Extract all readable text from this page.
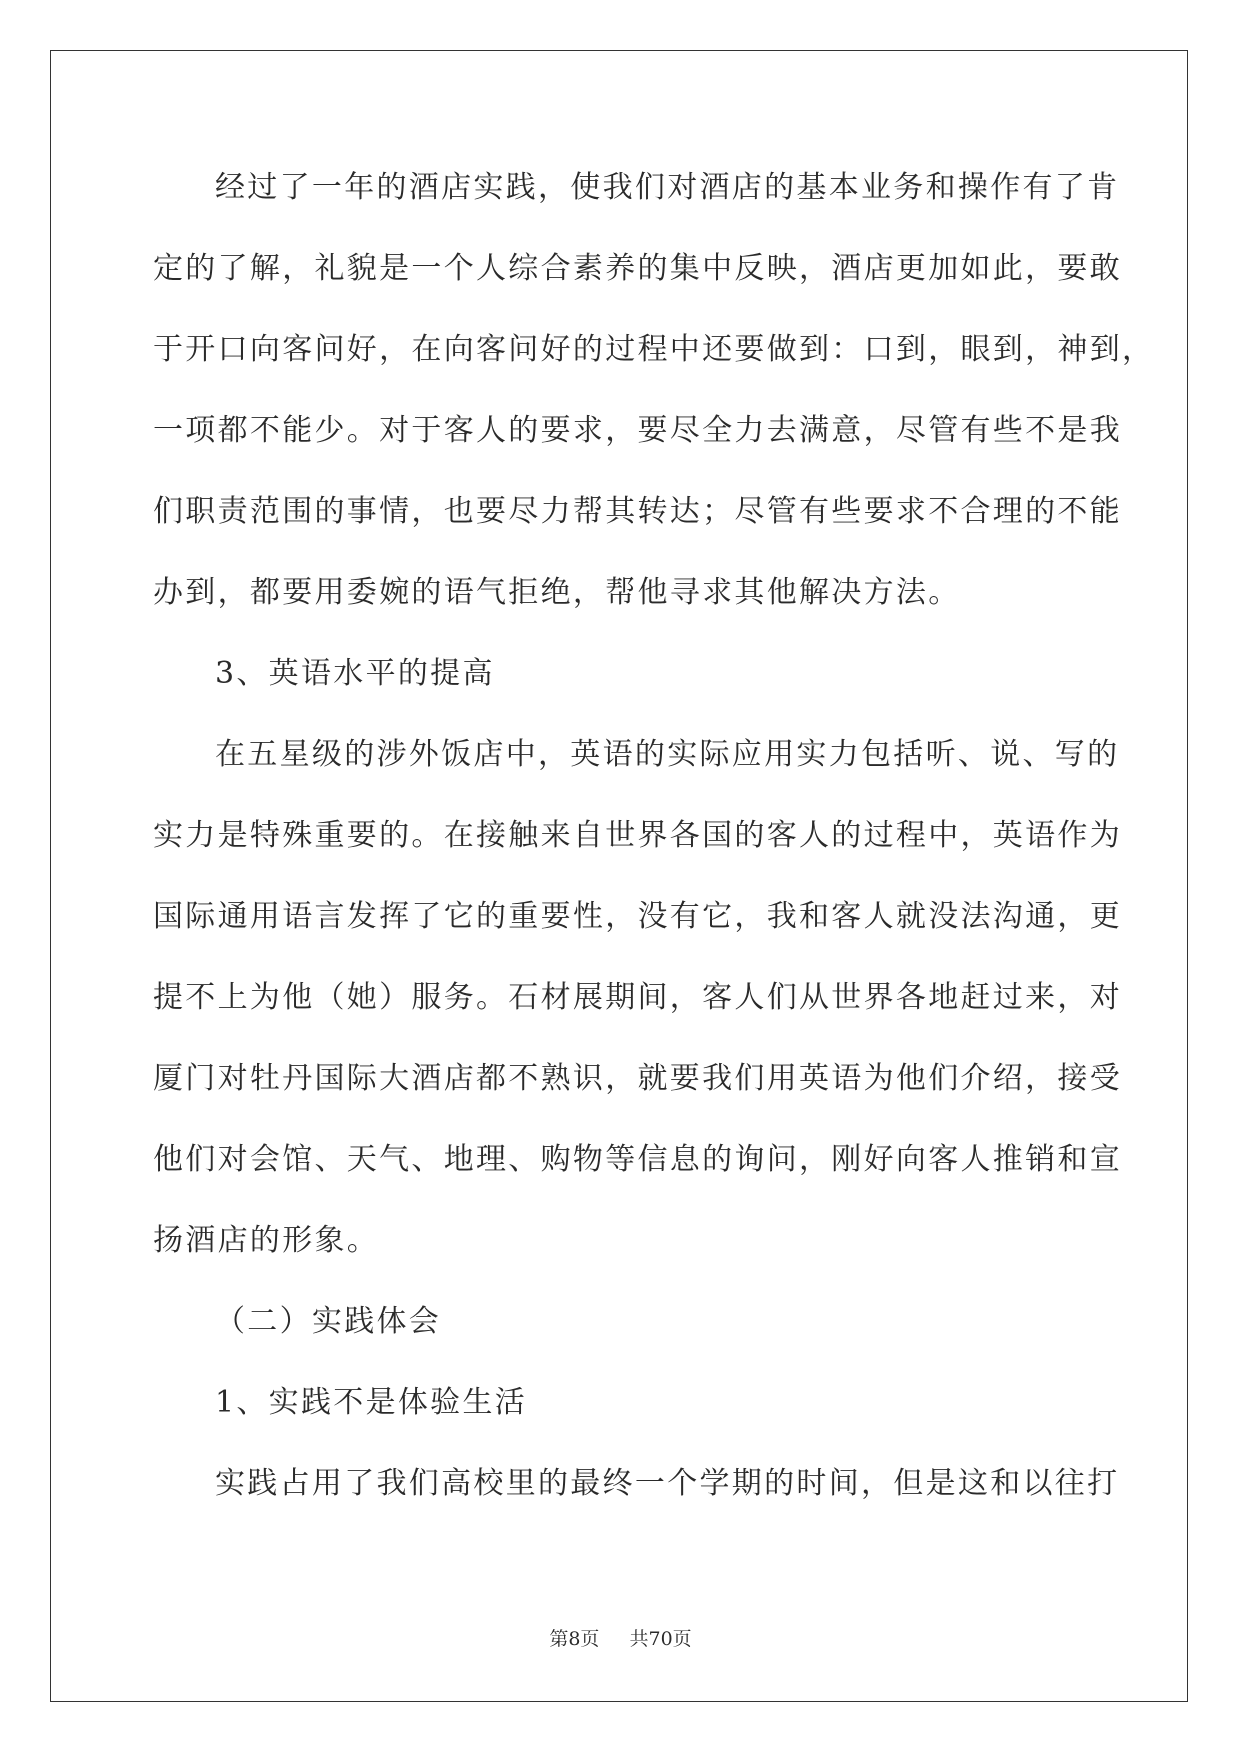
经过了一年的酒店实践，使我们对酒店的基本业务和操作有了肯
定的了解，礼貌是一个人综合素养的集中反映，酒店更加如此，要敢
于开口向客问好，在向客问好的过程中还要做到：口到，眼到，神到，
一项都不能少。对于客人的要求，要尽全力去满意，尽管有些不是我
们职责范围的事情，也要尽力帮其转达；尽管有些要求不合理的不能
办到，都要用委婉的语气拒绝，帮他寻求其他解决方法。
3、英语水平的提高
在五星级的涉外饭店中，英语的实际应用实力包括听、说、写的
实力是特殊重要的。在接触来自世界各国的客人的过程中，英语作为
国际通用语言发挥了它的重要性，没有它，我和客人就没法沟通，更
提不上为他（她）服务。石材展期间，客人们从世界各地赶过来，对
厦门对牡丹国际大酒店都不熟识，就要我们用英语为他们介绍，接受
他们对会馆、天气、地理、购物等信息的询问，刚好向客人推销和宣
扬酒店的形象。
（二）实践体会
1、实践不是体验生活
实践占用了我们高校里的最终一个学期的时间，但是这和以往打
第8页 共70页
